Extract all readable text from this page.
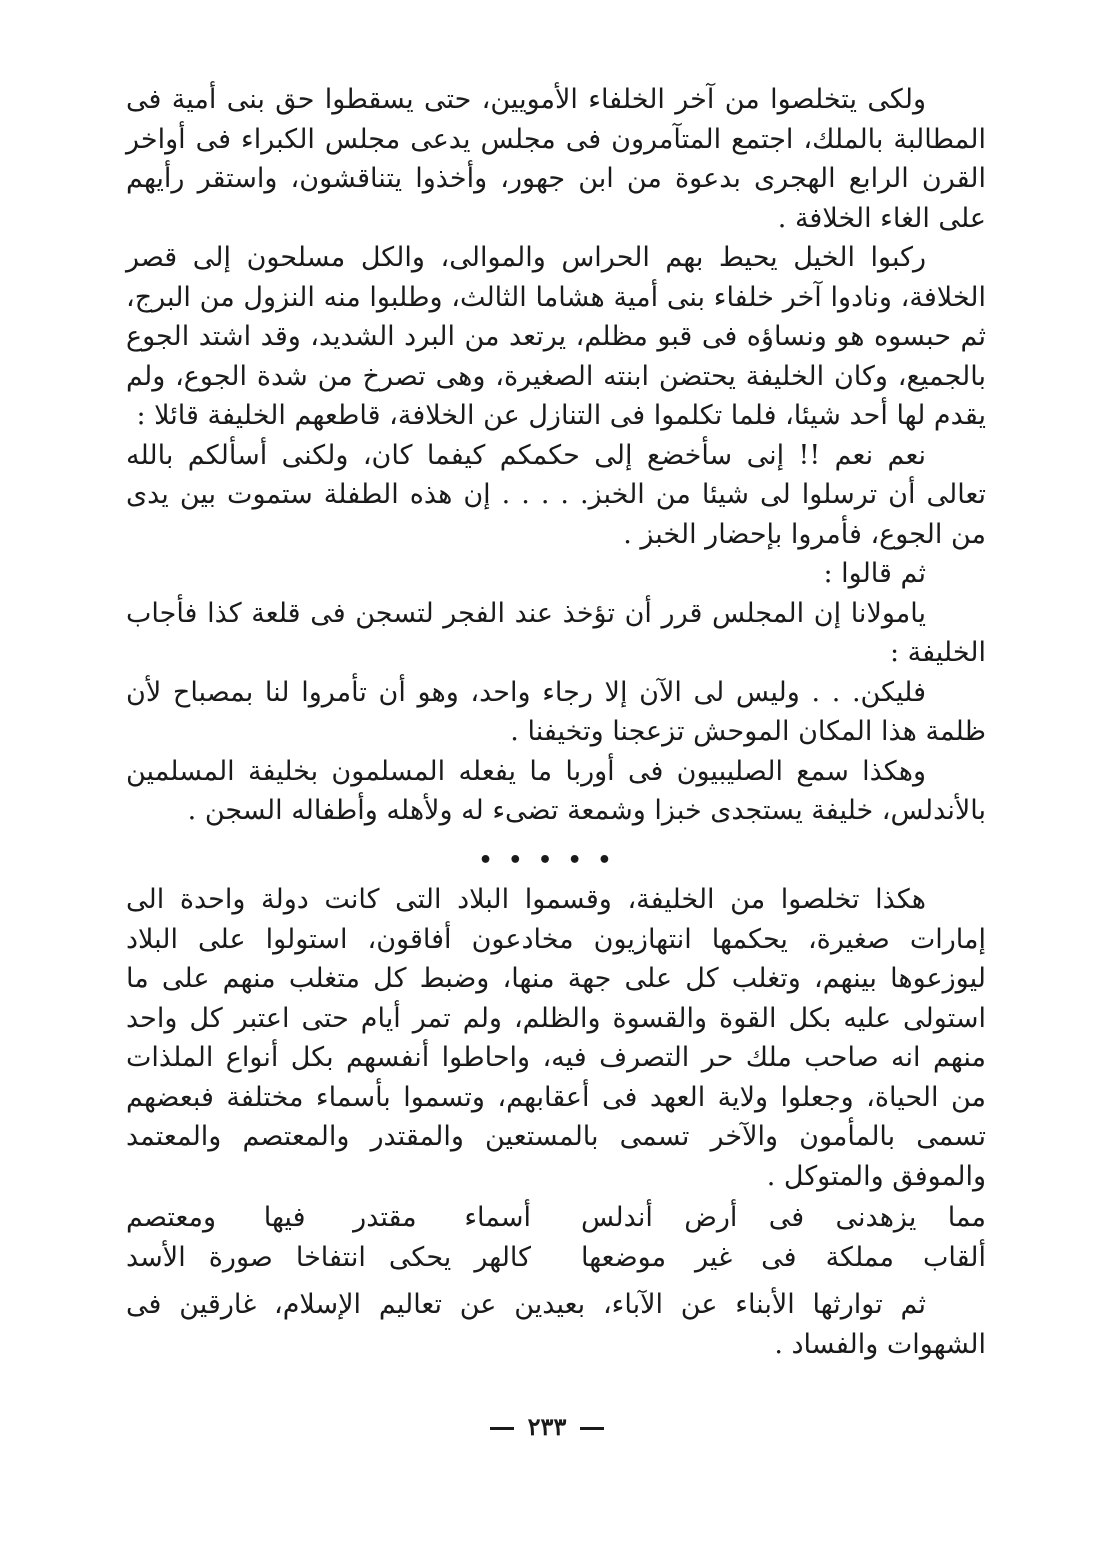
ولكى يتخلصوا من آخر الخلفاء الأمويين، حتى يسقطوا حق بنى أمية فى المطالبة بالملك، اجتمع المتآمرون فى مجلس يدعى مجلس الكبراء فى أواخر القرن الرابع الهجرى بدعوة من ابن جهور، وأخذوا يتناقشون، واستقر رأيهم على الغاء الخلافة .

ركبوا الخيل يحيط بهم الحراس والموالى، والكل مسلحون إلى قصر الخلافة، ونادوا آخر خلفاء بنى أمية هشاما الثالث، وطلبوا منه النزول من البرج، ثم حبسوه هو ونساؤه فى قبو مظلم، يرتعد من البرد الشديد، وقد اشتد الجوع بالجميع، وكان الخليفة يحتضن ابنته الصغيرة، وهى تصرخ من شدة الجوع، ولم يقدم لها أحد شيئا، فلما تكلموا فى التنازل عن الخلافة، قاطعهم الخليفة قائلا :

نعم نعم !! إنى سأخضع إلى حكمكم كيفما كان، ولكنى أسألكم بالله تعالى أن ترسلوا لى شيئا من الخبز. . . . . إن هذه الطفلة ستموت بين يدى من الجوع، فأمروا بإحضار الخبز .

ثم قالوا :

يامولانا إن المجلس قرر أن تؤخذ عند الفجر لتسجن فى قلعة كذا فأجاب الخليفة :

فليكن. . . وليس لى الآن إلا رجاء واحد، وهو أن تأمروا لنا بمصباح لأن ظلمة هذا المكان الموحش تزعجنا وتخيفنا .

وهكذا سمع الصليبيون فى أوربا ما يفعله المسلمون بخليفة المسلمين بالأندلس، خليفة يستجدى خبزا وشمعة تضىء له ولأهله وأطفاله السجن .

• • • • •

هكذا تخلصوا من الخليفة، وقسموا البلاد التى كانت دولة واحدة الى إمارات صغيرة، يحكمها انتهازيون مخادعون أفاقون، استولوا على البلاد ليوزعوها بينهم، وتغلب كل على جهة منها، وضبط كل متغلب منهم على ما استولى عليه بكل القوة والقسوة والظلم، ولم تمر أيام حتى اعتبر كل واحد منهم انه صاحب ملك حر التصرف فيه، واحاطوا أنفسهم بكل أنواع الملذات من الحياة، وجعلوا ولاية العهد فى أعقابهم، وتسموا بأسماء مختلفة فبعضهم تسمى بالمأمون والآخر تسمى بالمستعين والمقتدر والمعتصم والمعتمد والموفق والمتوكل .

مما يزهدنى فى أرض أندلس
أسماء مقتدر فيها ومعتصم
ألقاب مملكة فى غير موضعها
كالهر يحكى انتفاخا صورة الأسد

ثم توارثها الأبناء عن الآباء، بعيدين عن تعاليم الإسلام، غارقين فى الشهوات والفساد .

٢٣٣
